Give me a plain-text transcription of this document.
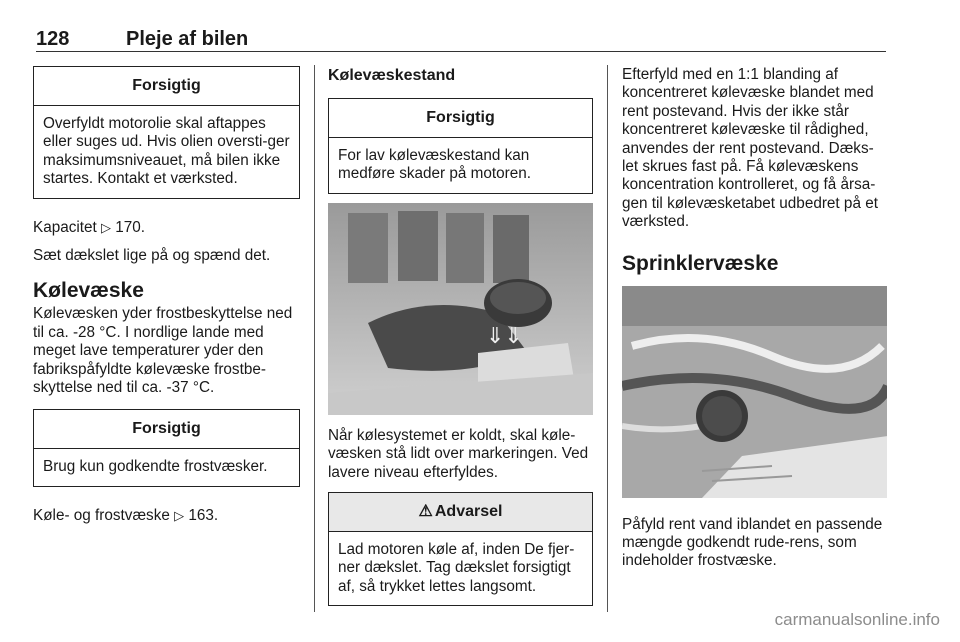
128	Pleje af bilen
Forsigtig
Overfyldt motorolie skal aftappes eller suges ud. Hvis olien oversti-ger maksimumsniveauet, må bilen ikke startes. Kontakt et værksted.

Kapacitet ▷ 170.

Sæt dækslet lige på og spænd det.

Kølevæske

Kølevæsken yder frostbeskyttelse ned til ca. -28 °C. I nordlige lande med meget lave temperaturer yder den fabrikspåfyldte kølevæske frostbe-skyttelse ned til ca. -37 °C.

Forsigtig
Brug kun godkendte frostvæsker.

Køle- og frostvæske ▷ 163.

Kølevæskestand
Forsigtig
For lav kølevæskestand kan medføre skader på motoren.
⇓⇓

Når kølesystemet er koldt, skal køle-væsken stå lidt over markeringen. Ved lavere niveau efterfyldes.

⚠ Advarsel
Lad motoren køle af, inden De fjer-ner dækslet. Tag dækslet forsigtigt af, så trykket lettes langsomt.

Efterfyld med en 1:1 blanding af koncentreret kølevæske blandet med rent postevand. Hvis der ikke står koncentreret kølevæske til rådighed, anvendes der rent postevand. Dæks-let skrues fast på. Få kølevæskens koncentration kontrolleret, og få årsa-gen til kølevæsketabet udbedret på et værksted.

Sprinklervæske

Påfyld rent vand iblandet en passende mængde godkendt rude-rens, som indeholder frostvæske.

carmanualsonline.info
